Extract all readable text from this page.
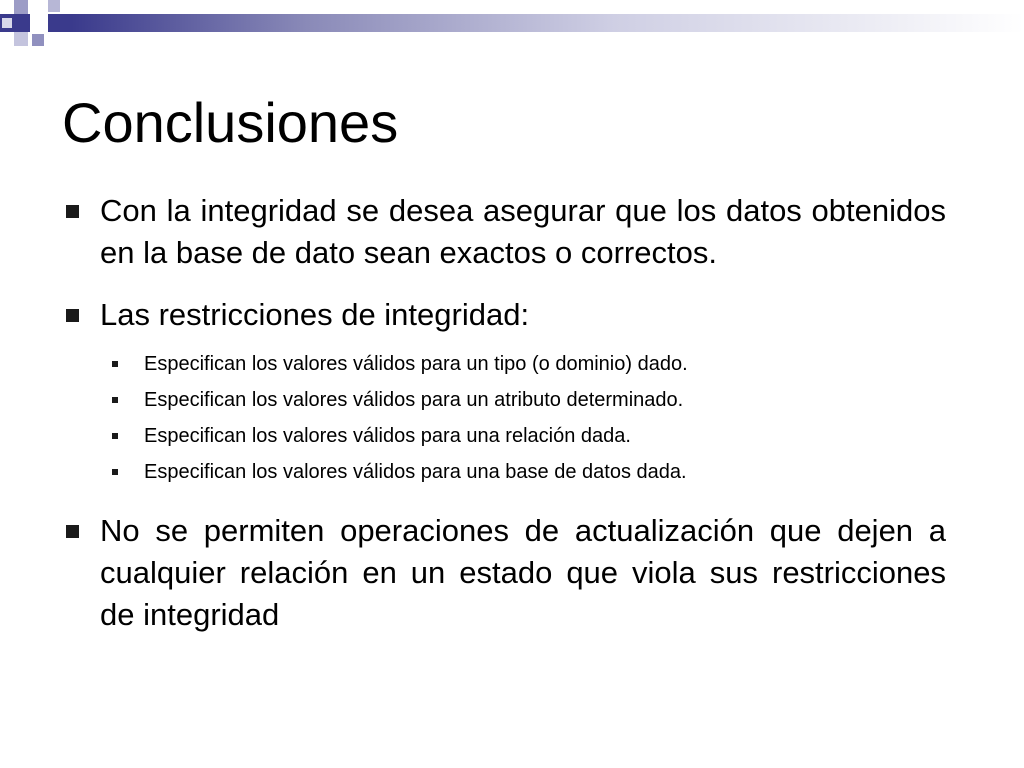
Conclusiones
Con la integridad se desea asegurar que los datos obtenidos en la base de dato sean exactos o correctos.
Las restricciones de integridad:
Especifican los valores válidos para un tipo (o dominio) dado.
Especifican los valores válidos para un atributo determinado.
Especifican los valores válidos para una relación dada.
Especifican los valores válidos para una base de datos dada.
No se permiten operaciones de actualización que dejen a cualquier relación en un estado que viola sus restricciones de integridad
